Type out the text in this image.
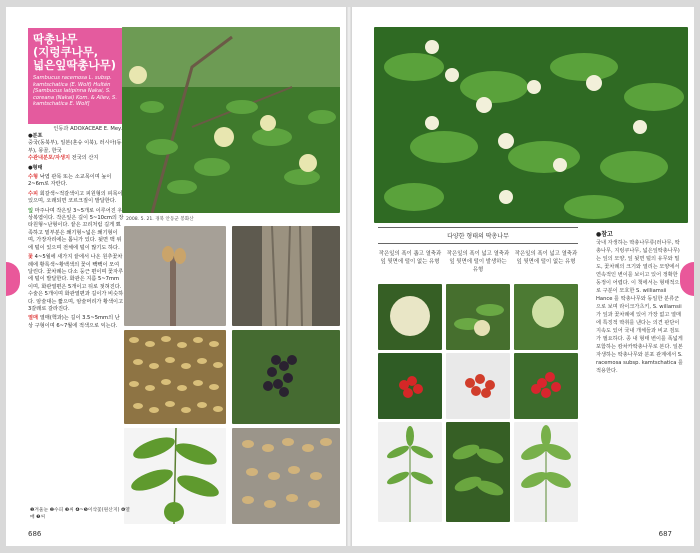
딱총나무
(지렁쿠나무,
넓은잎딱총나무)
Sambucus racemosa L. subsp. kamtschatica (E. Wolf) Hultén [Sambucus latipinna Nakai, S. coreana (Nakai) Kom. & Aliev, S. kamtschatica E. Wolf]
인동과 ADOXACEAE E. Mey.

●분포
중국(동북부), 일본(혼슈 이북), 러시아(동부), 몽골, 한국
수관내분포/자생지 전국의 산지

●형태

수형 낙엽 관목 또는 소교목이며 높이 2~6m로 자란다.

수피 회갈색~적갈색이고 피원형의 피목이 있으며, 오래되면 코르크질이 발달한다.

잎 마주나며 작은잎 3~5개로 이루어진 우상복엽이다. 작은잎은 길이 5~10cm의 장타원형~난형이다. 끝은 꼬리처럼 길게 뾰족하고 밑부분은 쐐기형~넓은 쐐기형이며, 가장자리에는 톱니가 있다. 뒷면 맥 위에 털이 있으며 전체에 털이 많기도 하다.

꽃 4~5월에 새가지 끝에서 나온 원추꽃차례에 황록색~황백색의 꽃이 빽빽이 모여 달린다. 꽃차례는 다소 둥근 편이며 꽃자루에 털이 발달한다. 화관은 지름 5~7mm이며, 화관열편은 5개이고 뒤로 젖혀진다. 수술은 5개이며 화관열편과 길이가 비슷하다. 암술대는 짧으며, 암술머리가 황색이고 3갈래로 갈라진다.

열매 열매(핵과)는 길이 3.5~5mm의 난상 구형이며 6~7월에 적색으로 익는다.

2008. 5. 21. 경북 안동군 봉화산
❶겨울눈 ❷수피 ❸씨 ❹~❺이삭꽃(원산지) ❻열매 ❼씨
686
다양한 형태의 딱총나무
작은잎의 폭이 좁고 열축과 잎 뒷면에 털이 없는 유형
작은잎의 폭이 넓고 열축과 잎 뒷면에 털이 발생하는 유형
작은잎의 폭이 넓고 열축과 잎 뒷면에 털이 없는 유형
●참고
국내 자생하는 딱총나무류(러나무, 딱총나무, 지렁쿠나무, 넓은잎딱총나무)는 잎의 모양, 잎 뒷면 털의 유무와 밀도, 꽃차례의 크기와 열리는 모양에서 연속적인 변이를 보이고 있어 정확한 동정이 어렵다. 이 책에서는 형태적으로 구분이 모호한 S. williamsii Hance 를 딱총나무와 동일한 분류군으로 보며 라이크가츠키, S. willamsii가 잎과 꽃차례에 있어 가장 없고 열매에 특징적 딱취를 낸다는 의견 판단이 지속도 있어 국내 개체들과 비교 검토가 필요하다. 종 내 형태 변이를 폭넓게 포함하는 캄차카딱총나무로 본다. 일본 자생하는 딱총나무와 분포 관계에서 S. racemosa subsp. kamtschatica 를 적용한다.
687
